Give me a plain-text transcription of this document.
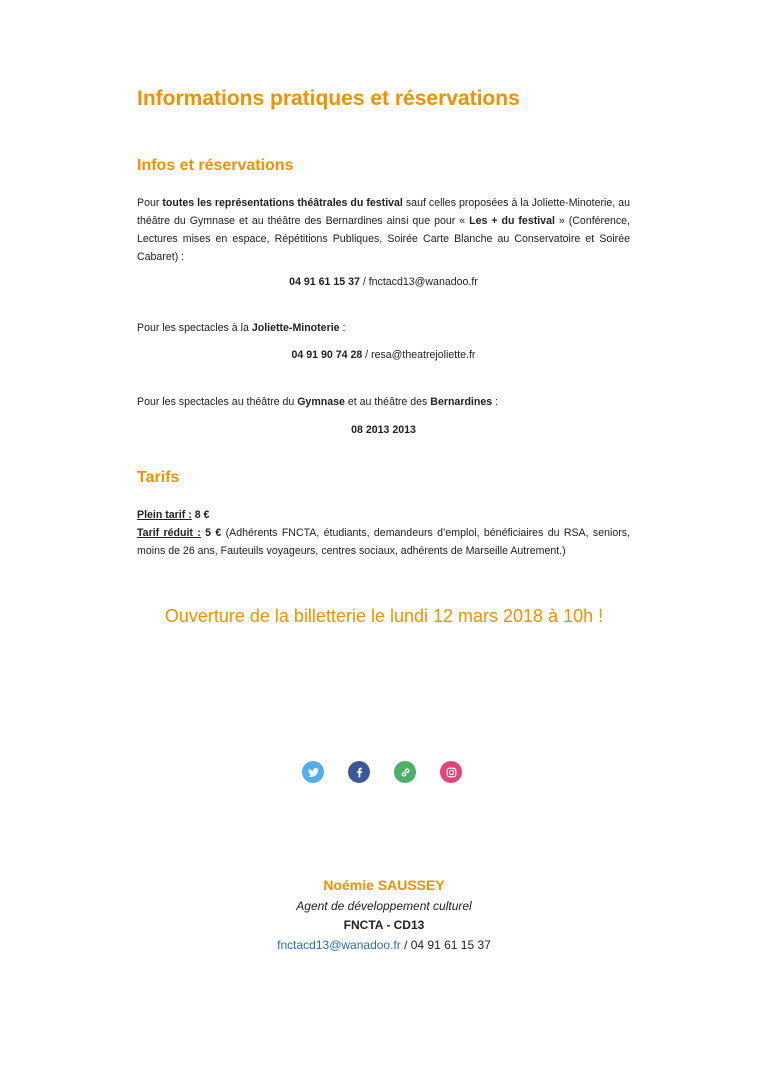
Informations pratiques et réservations
Infos et réservations

Pour toutes les représentations théâtrales du festival sauf celles proposées à la Joliette-Minoterie, au théâtre du Gymnase et au théâtre des Bernardines ainsi que pour « Les + du festival » (Conférence, Lectures mises en espace, Répétitions Publiques, Soirée Carte Blanche au Conservatoire et Soirée Cabaret) :

04 91 61 15 37 / fnctacd13@wanadoo.fr

Pour les spectacles à la Joliette-Minoterie :

04 91 90 74 28 / resa@theatrejoliette.fr

Pour les spectacles au théâtre du Gymnase et au théâtre des Bernardines :

08 2013 2013

Tarifs
Plein tarif : 8 €
Tarif réduit : 5 € (Adhérents FNCTA, étudiants, demandeurs d’emploi, bénéficiaires du RSA, seniors, moins de 26 ans, Fauteuils voyageurs, centres sociaux, adhérents de Marseille Autrement.)

Ouverture de la billetterie le lundi 12 mars 2018 à 10h !

Noémie SAUSSEY
Agent de développement culturel
FNCTA - CD13
fnctacd13@wanadoo.fr / 04 91 61 15 37
